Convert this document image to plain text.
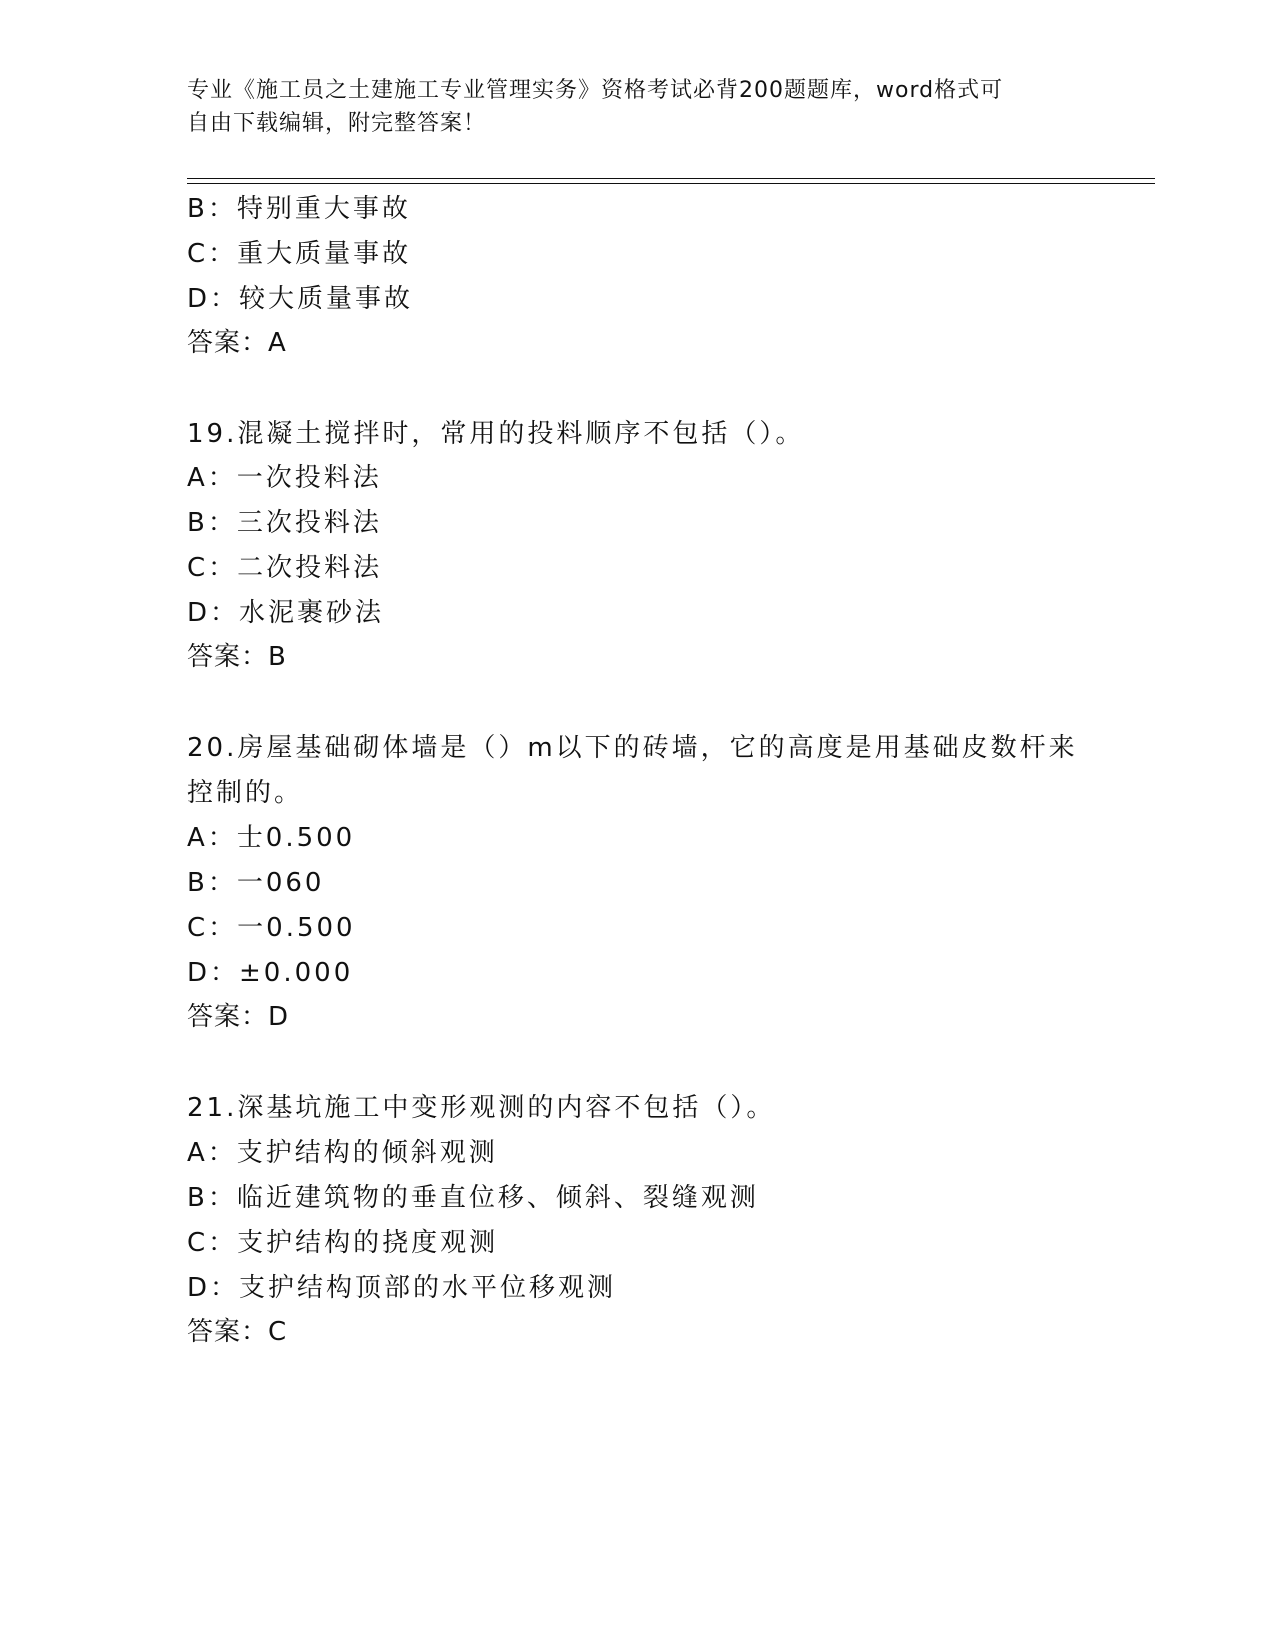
专业《施工员之土建施工专业管理实务》资格考试必背200题题库，word格式可
自由下载编辑，附完整答案！
B：特别重大事故
C：重大质量事故
D：较大质量事故
答案：A
19.混凝土搅拌时，常用的投料顺序不包括（）。
A：一次投料法
B：三次投料法
C：二次投料法
D：水泥裹砂法
答案：B
20.房屋基础砌体墙是（）m以下的砖墙，它的高度是用基础皮数杆来
控制的。
A：士0.500
B：一060
C：一0.500
D：±0.000
答案：D
21.深基坑施工中变形观测的内容不包括（）。
A：支护结构的倾斜观测
B：临近建筑物的垂直位移、倾斜、裂缝观测
C：支护结构的挠度观测
D：支护结构顶部的水平位移观测
答案：C
